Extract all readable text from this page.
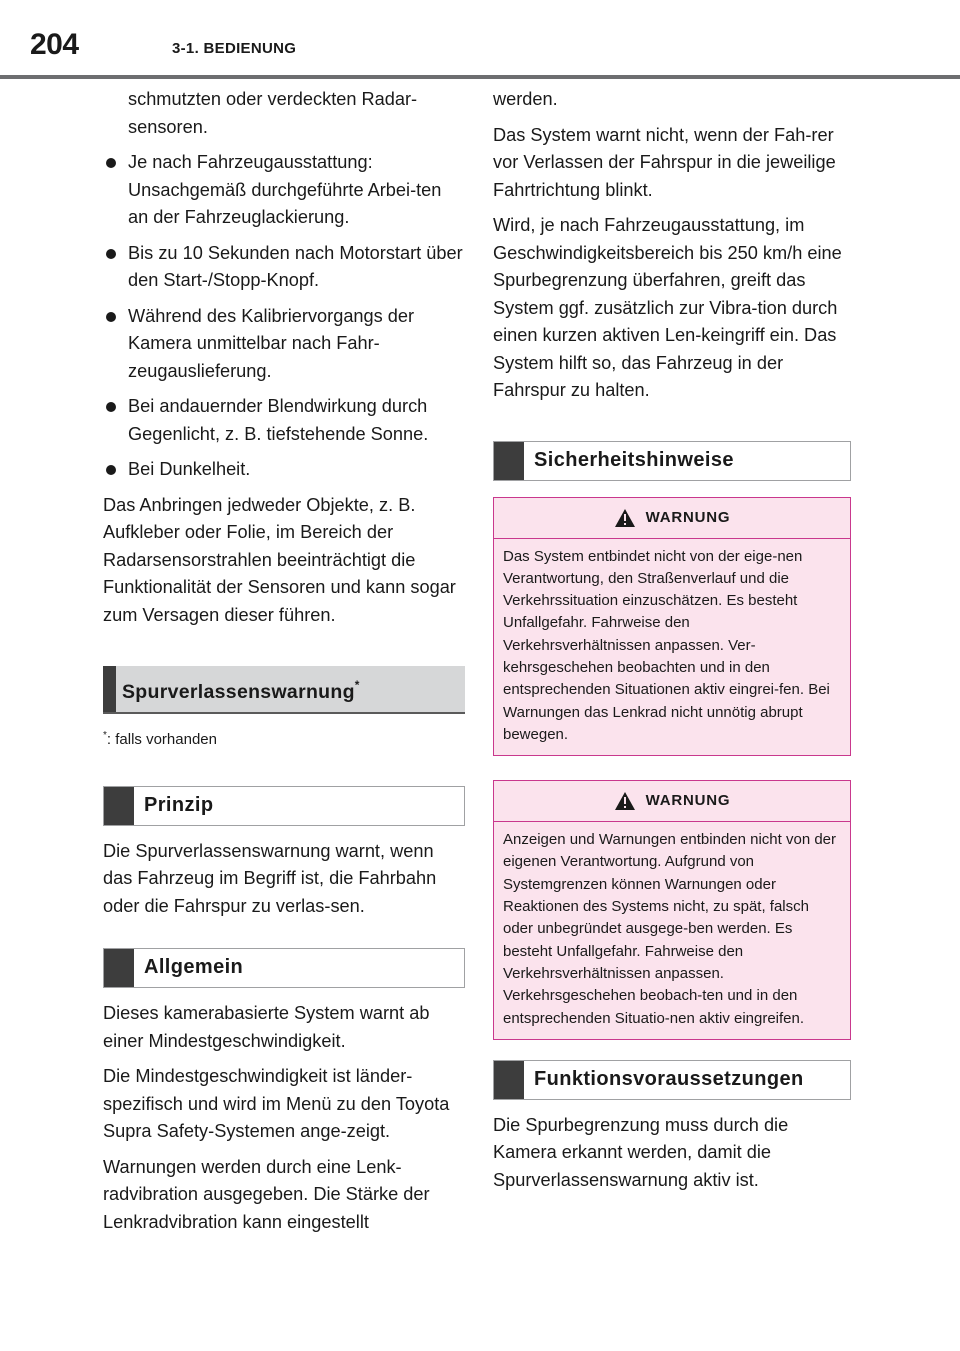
204	3-1. BEDIENUNG
schmutzten oder verdeckten Radar-sensoren.
Je nach Fahrzeugausstattung: Unsachgemäß durchgeführte Arbei-ten an der Fahrzeuglackierung.
Bis zu 10 Sekunden nach Motorstart über den Start-/Stopp-Knopf.
Während des Kalibriervorgangs der Kamera unmittelbar nach Fahr-zeugauslieferung.
Bei andauernder Blendwirkung durch Gegenlicht, z. B. tiefstehende Sonne.
Bei Dunkelheit.

Das Anbringen jedweder Objekte, z. B. Aufkleber oder Folie, im Bereich der Radarsensorstrahlen beeinträchtigt die Funktionalität der Sensoren und kann sogar zum Versagen dieser führen.

Spurverlassenswarnung*
*: falls vorhanden
Prinzip

Die Spurverlassenswarnung warnt, wenn das Fahrzeug im Begriff ist, die Fahrbahn oder die Fahrspur zu verlas-sen.

Allgemein

Dieses kamerabasierte System warnt ab einer Mindestgeschwindigkeit.

Die Mindestgeschwindigkeit ist länder-spezifisch und wird im Menü zu den Toyota Supra Safety-Systemen ange-zeigt.

Warnungen werden durch eine Lenk-radvibration ausgegeben. Die Stärke der Lenkradvibration kann eingestellt

werden.

Das System warnt nicht, wenn der Fah-rer vor Verlassen der Fahrspur in die jeweilige Fahrtrichtung blinkt.

Wird, je nach Fahrzeugausstattung, im Geschwindigkeitsbereich bis 250 km/h eine Spurbegrenzung überfahren, greift das System ggf. zusätzlich zur Vibra-tion durch einen kurzen aktiven Len-keingriff ein. Das System hilft so, das Fahrzeug in der Fahrspur zu halten.

Sicherheitshinweise
WARNUNG
Das System entbindet nicht von der eige-nen Verantwortung, den Straßenverlauf und die Verkehrssituation einzuschätzen. Es besteht Unfallgefahr. Fahrweise den Verkehrsverhältnissen anpassen. Ver-kehrsgeschehen beobachten und in den entsprechenden Situationen aktiv eingrei-fen. Bei Warnungen das Lenkrad nicht unnötig abrupt bewegen.
WARNUNG
Anzeigen und Warnungen entbinden nicht von der eigenen Verantwortung. Aufgrund von Systemgrenzen können Warnungen oder Reaktionen des Systems nicht, zu spät, falsch oder unbegründet ausgege-ben werden. Es besteht Unfallgefahr. Fahrweise den Verkehrsverhältnissen anpassen. Verkehrsgeschehen beobach-ten und in den entsprechenden Situatio-nen aktiv eingreifen.
Funktionsvoraussetzungen

Die Spurbegrenzung muss durch die Kamera erkannt werden, damit die Spurverlassenswarnung aktiv ist.
